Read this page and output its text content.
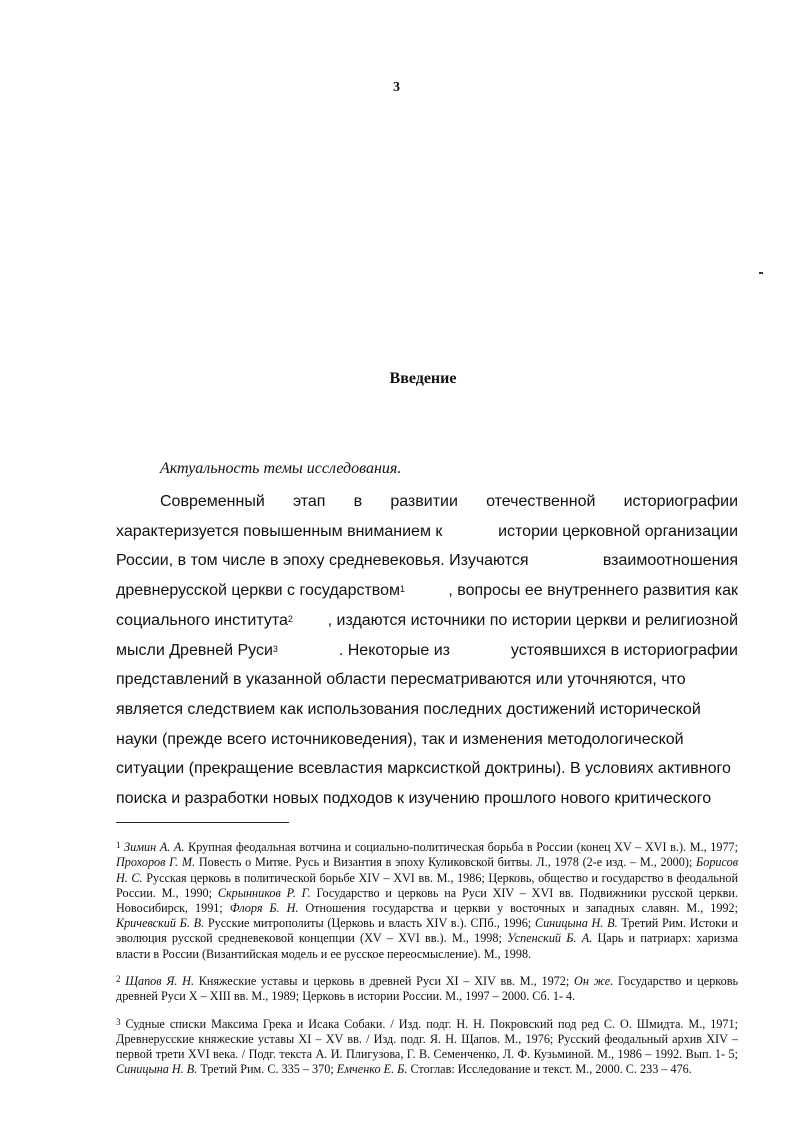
3
Введение
Актуальность темы исследования.
Современный этап в развитии отечественной историографии
характеризуется повышенным вниманием к	истории церковной организации
России, в том числе в эпоху средневековья. Изучаются	взаимоотношения
древнерусской церкви с государством$^1$	, вопросы ее внутреннего развития как
социального института$^2$ , издаются источники по истории церкви и религиозной
мысли Древней Руси$^3$	. Некоторые из	устоявшихся в историографии
представлений в указанной области пересматриваются или уточняются, что
является следствием как использования последних достижений исторической
науки (прежде всего источниковедения), так и изменения методологической
ситуации (прекращение всевластия марксисткой доктрины). В условиях активного
поиска и разработки новых подходов к изучению прошлого нового критического

$^1$ Зимин А. А. Крупная феодальная вотчина и социально-политическая борьба в России (конец XV – XVI в.). М., 1977; Прохоров Г. М. Повесть о Митяе. Русь и Византия в эпоху Куликовской битвы. Л., 1978 (2-е изд. – М., 2000); Борисов Н. С. Русская церковь в политической борьбе XIV – XVI вв. М., 1986; Церковь, общество и государство в феодальной России. М., 1990; Скрынников Р. Г. Государство и церковь на Руси XIV – XVI вв. Подвижники русской церкви. Новосибирск, 1991; Флоря Б. Н. Отношения государства и церкви у восточных и западных славян. М., 1992; Кричевский Б. В. Русские митрополиты (Церковь и власть XIV в.). СПб., 1996; Синицына Н. В. Третий Рим. Истоки и эволюция русской средневековой концепции (XV – XVI вв.). М., 1998; Успенский Б. А. Царь и патриарх: харизма власти в России (Византийская модель и ее русское переосмысление). М., 1998.

$^2$ Щапов Я. Н. Княжеские уставы и церковь в древней Руси XI – XIV вв. М., 1972; Он же. Государство и церковь древней Руси X – XIII вв. М., 1989; Церковь в истории России. М., 1997 – 2000. Сб. 1- 4.

$^3$ Судные списки Максима Грека и Исака Собаки. / Изд. подг. Н. Н. Покровский под ред С. О. Шмидта. М., 1971; Древнерусские княжеские уставы XI – XV вв. / Изд. подг. Я. Н. Щапов. М., 1976; Русский феодальный архив XIV – первой трети XVI века. / Подг. текста А. И. Плигузова, Г. В. Семенченко, Л. Ф. Кузьминой. М., 1986 – 1992. Вып. 1- 5; Синицына Н. В. Третий Рим. С. 335 – 370; Емченко Е. Б. Стоглав: Исследование и текст. М., 2000. С. 233 – 476.
